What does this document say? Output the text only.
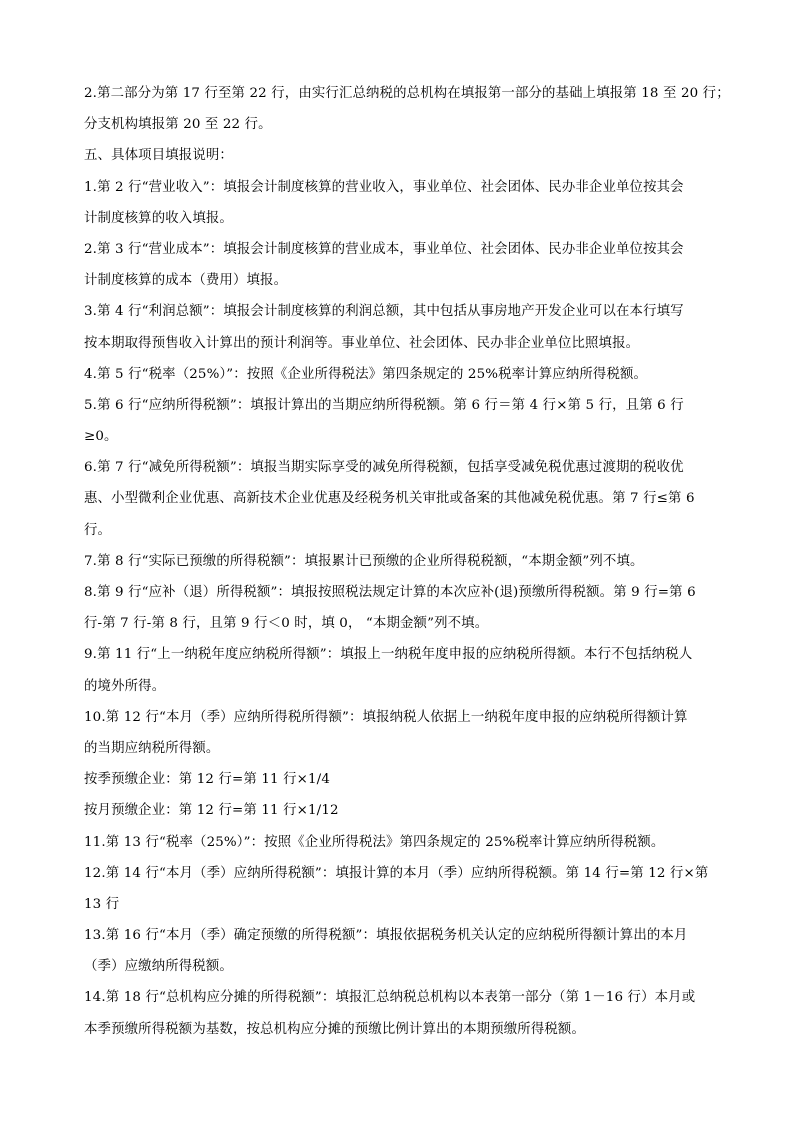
2.第二部分为第 17 行至第 22 行，由实行汇总纳税的总机构在填报第一部分的基础上填报第 18 至 20 行；
分支机构填报第 20 至 22 行。
五、具体项目填报说明：
1.第 2 行“营业收入”：填报会计制度核算的营业收入，事业单位、社会团体、民办非企业单位按其会
计制度核算的收入填报。
2.第 3 行“营业成本”：填报会计制度核算的营业成本，事业单位、社会团体、民办非企业单位按其会
计制度核算的成本（费用）填报。
3.第 4 行“利润总额”：填报会计制度核算的利润总额，其中包括从事房地产开发企业可以在本行填写
按本期取得预售收入计算出的预计利润等。事业单位、社会团体、民办非企业单位比照填报。
4.第 5 行“税率（25%）”：按照《企业所得税法》第四条规定的 25%税率计算应纳所得税额。
5.第 6 行“应纳所得税额”：填报计算出的当期应纳所得税额。第 6 行＝第 4 行×第 5 行，且第 6 行
≥0。
6.第 7 行“减免所得税额”：填报当期实际享受的减免所得税额，包括享受减免税优惠过渡期的税收优
惠、小型微利企业优惠、高新技术企业优惠及经税务机关审批或备案的其他减免税优惠。第 7 行≤第 6
行。
7.第 8 行“实际已预缴的所得税额”：填报累计已预缴的企业所得税税额，“本期金额”列不填。
8.第 9 行“应补（退）所得税额”：填报按照税法规定计算的本次应补(退)预缴所得税额。第 9 行=第 6
行-第 7 行-第 8 行，且第 9 行＜0 时，填 0， “本期金额”列不填。
9.第 11 行“上一纳税年度应纳税所得额”：填报上一纳税年度申报的应纳税所得额。本行不包括纳税人
的境外所得。
10.第 12 行“本月（季）应纳所得税所得额”：填报纳税人依据上一纳税年度申报的应纳税所得额计算
的当期应纳税所得额。
按季预缴企业：第 12 行=第 11 行×1/4
按月预缴企业：第 12 行=第 11 行×1/12
11.第 13 行“税率（25%）”：按照《企业所得税法》第四条规定的 25%税率计算应纳所得税额。
12.第 14 行“本月（季）应纳所得税额”：填报计算的本月（季）应纳所得税额。第 14 行=第 12 行×第
13 行
13.第 16 行“本月（季）确定预缴的所得税额”：填报依据税务机关认定的应纳税所得额计算出的本月
（季）应缴纳所得税额。
14.第 18 行“总机构应分摊的所得税额”：填报汇总纳税总机构以本表第一部分（第 1－16 行）本月或
本季预缴所得税额为基数，按总机构应分摊的预缴比例计算出的本期预缴所得税额。
